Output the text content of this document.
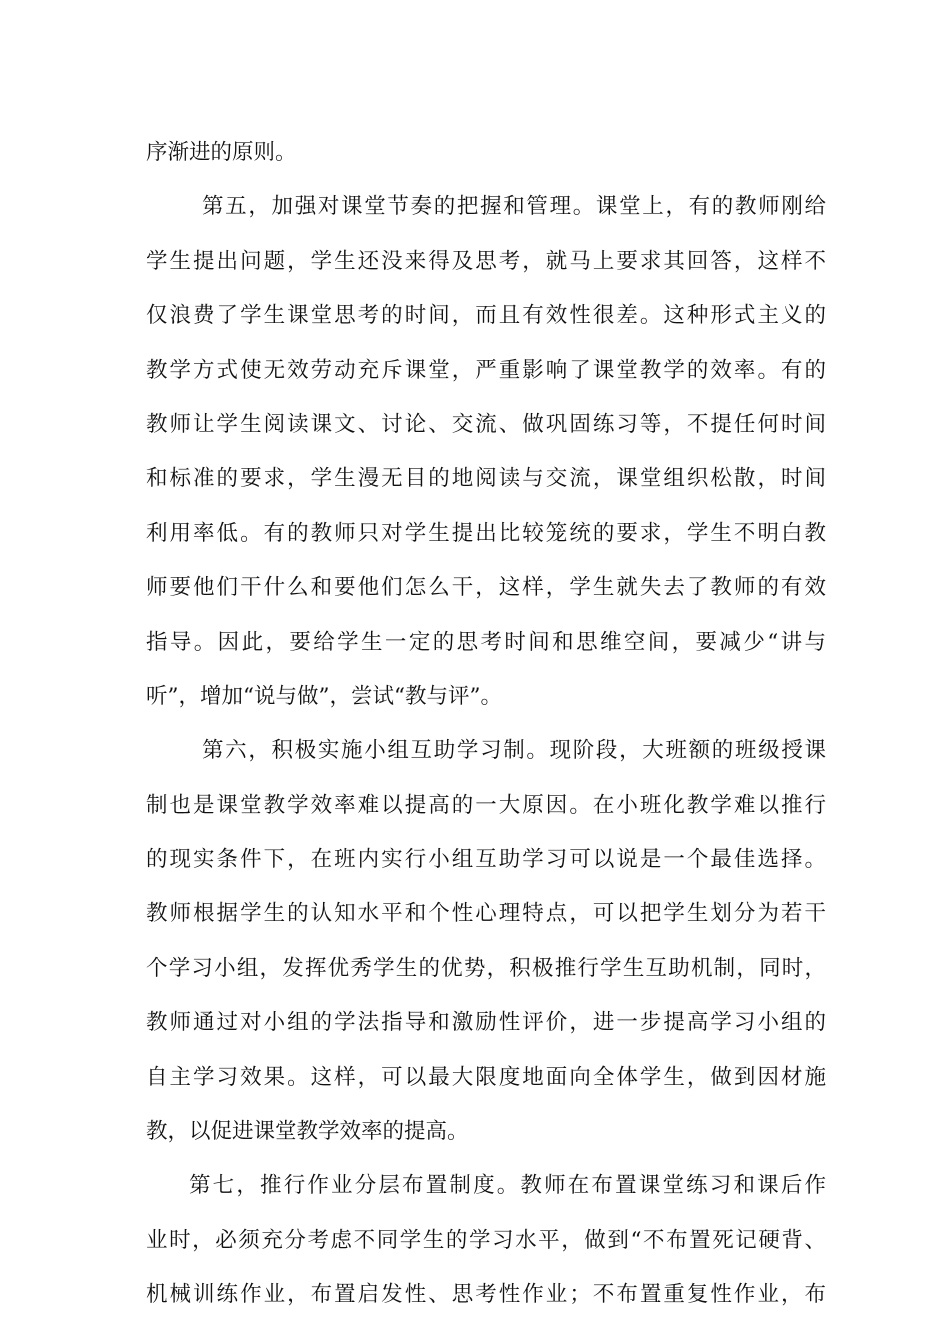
序渐进的原则。
第五，加强对课堂节奏的把握和管理。课堂上，有的教师刚给
学生提出问题，学生还没来得及思考，就马上要求其回答，这样不
仅浪费了学生课堂思考的时间，而且有效性很差。这种形式主义的
教学方式使无效劳动充斥课堂，严重影响了课堂教学的效率。有的
教师让学生阅读课文、讨论、交流、做巩固练习等，不提任何时间
和标准的要求，学生漫无目的地阅读与交流，课堂组织松散，时间
利用率低。有的教师只对学生提出比较笼统的要求，学生不明白教
师要他们干什么和要他们怎么干，这样，学生就失去了教师的有效
指导。因此，要给学生一定的思考时间和思维空间，要减少“讲与
听”，增加“说与做”，尝试“教与评”。
第六，积极实施小组互助学习制。现阶段，大班额的班级授课
制也是课堂教学效率难以提高的一大原因。在小班化教学难以推行
的现实条件下，在班内实行小组互助学习可以说是一个最佳选择。
教师根据学生的认知水平和个性心理特点，可以把学生划分为若干
个学习小组，发挥优秀学生的优势，积极推行学生互助机制，同时，
教师通过对小组的学法指导和激励性评价，进一步提高学习小组的
自主学习效果。这样，可以最大限度地面向全体学生，做到因材施
教，以促进课堂教学效率的提高。
第七，推行作业分层布置制度。教师在布置课堂练习和课后作
业时，必须充分考虑不同学生的学习水平，做到“不布置死记硬背、
机械训练作业，布置启发性、思考性作业；不布置重复性作业，布
